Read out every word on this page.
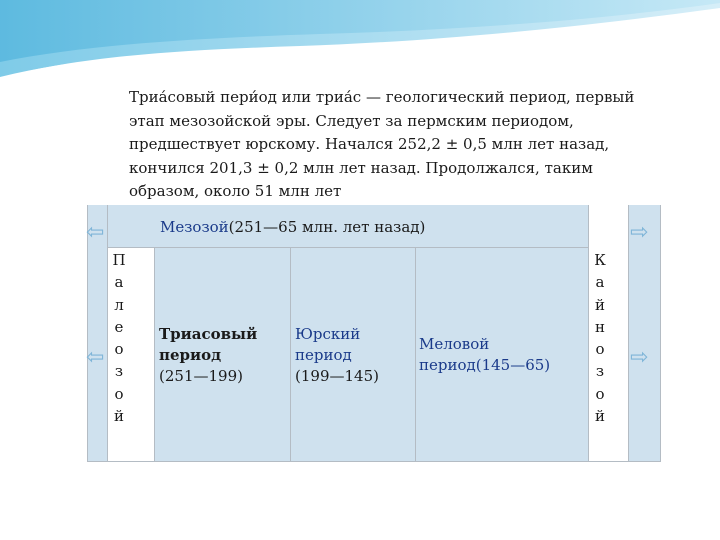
Триа́совый пери́од или триа́с — геологический период, первый этап мезозойской эры. Следует за пермским периодом, предшествует юрскому. Начался 252,2 ± 0,5 млн лет назад, кончился 201,3 ± 0,2 млн лет назад. Продолжался, таким образом, около 51 млн лет

⇦
⇦
⇨
⇨
Мезозой(251—65 млн. лет назад)
П
а
л
е
о
з
о
й
К
а
й
н
о
з
о
й
Триасовый
период
(251—199)
Юрский
период
(199—145)
Меловой
период(145—65)
